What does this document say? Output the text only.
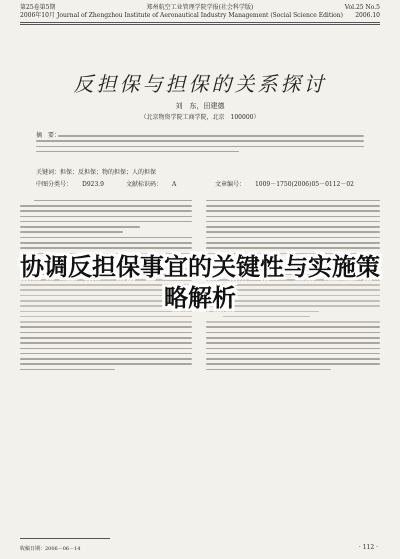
第25卷第5期
2006年10月
郑州航空工业管理学院学报(社会科学版)
Journal of Zhengzhou Institute of Aeronautical Industry Management (Social Science Edition)
Vol.25 No.5
2006.10
反担保与担保的关系探讨
刘　东，田建德
（北京物资学院工商学院，北京　100000）
摘　要：
关键词：担保；反担保；物的担保；人的担保
中图分类号： D923.9	文献标识码： A	文章编号： 1009－1750(2006)05－0112－02
协调反担保事宜的关键性与实施策略解析
收稿日期：2006－06－14	· 112 ·
